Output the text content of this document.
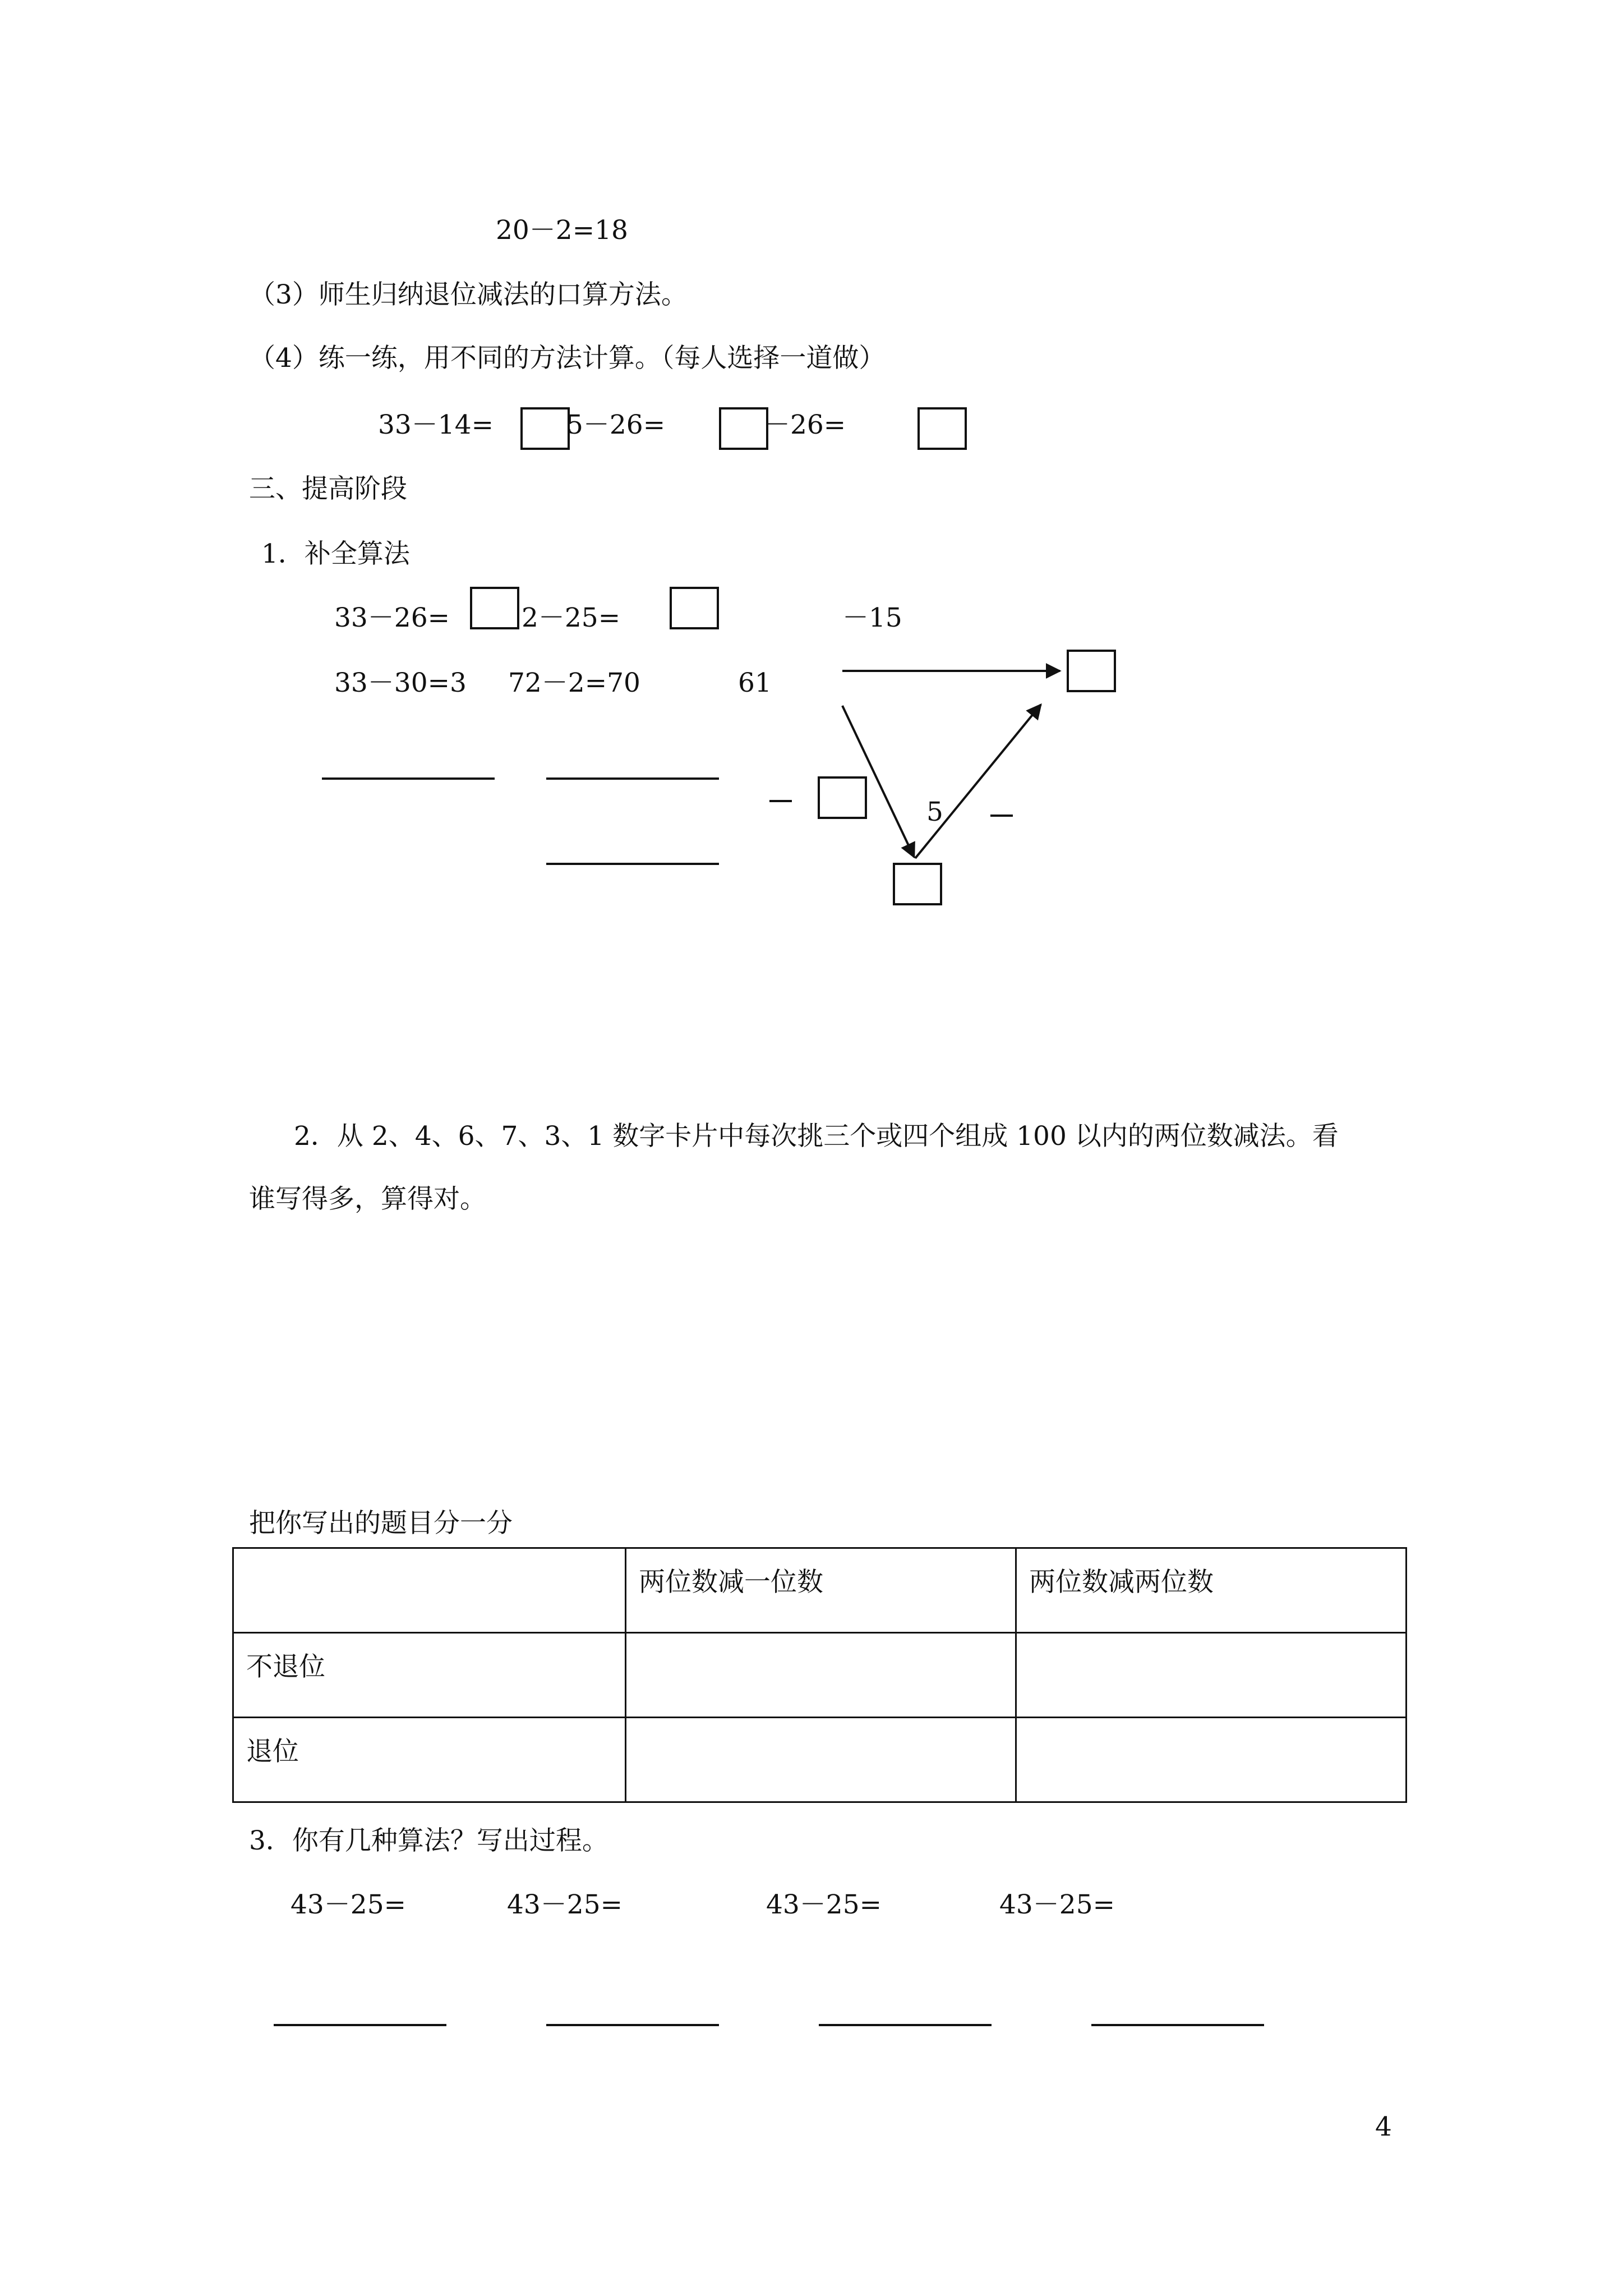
20－2=18
（3）师生归纳退位减法的口算方法。
（4）练一练，用不同的方法计算。（每人选择一道做）
33－14=	5－26=	－26=
三、提高阶段
1．补全算法
33－26=	2－25=	－15
33－30=3 72－2=70	61
5
2．从 2、4、6、7、3、1 数字卡片中每次挑三个或四个组成 100 以内的两位数减法。看
谁写得多，算得对。
把你写出的题目分一分
	两位数减一位数	两位数减两位数
不退位		
退位		
3．你有几种算法？写出过程。
43－25=	43－25=	43－25=	43－25=
4
